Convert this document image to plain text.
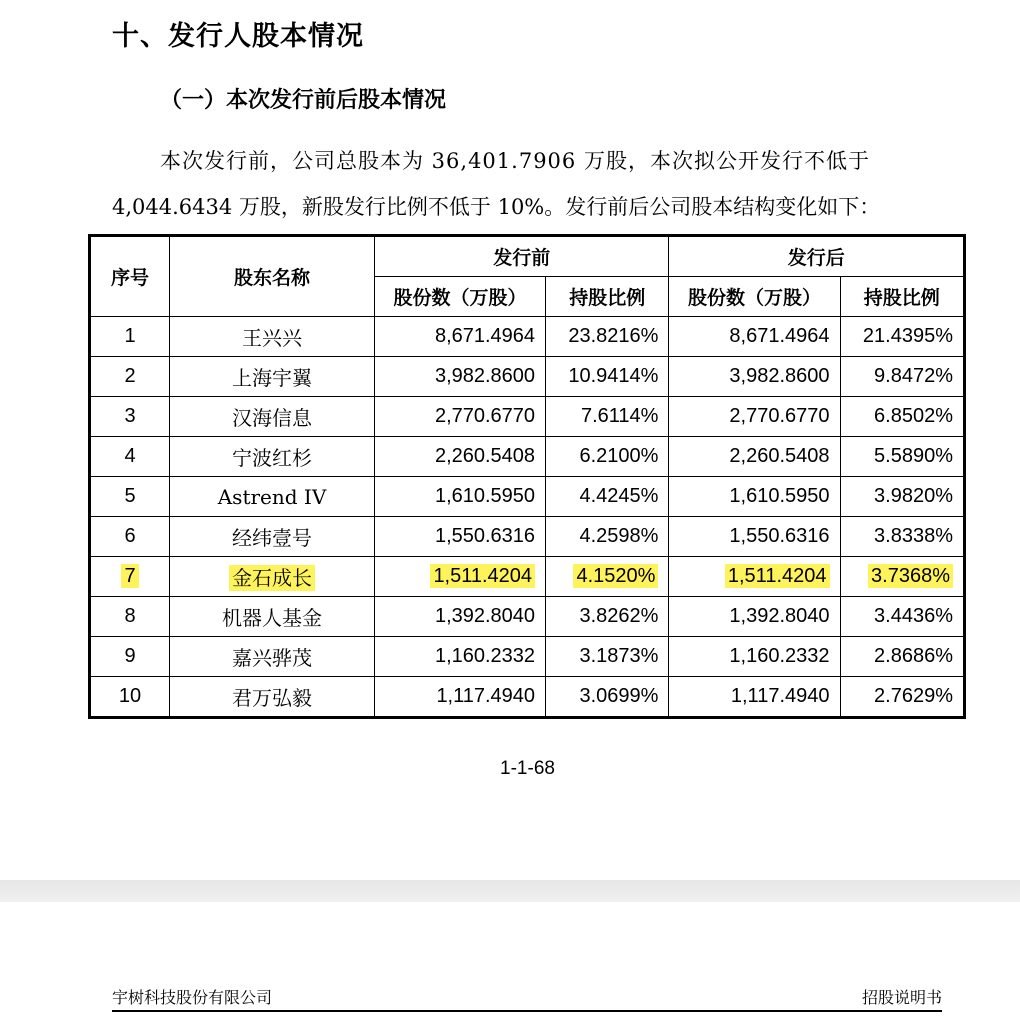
十、发行人股本情况
（一）本次发行前后股本情况
本次发行前，公司总股本为 36,401.7906 万股，本次拟公开发行不低于
4,044.6434 万股，新股发行比例不低于 10%。发行前后公司股本结构变化如下：
序号	股东名称	发行前		发行后	
		股份数（万股）	持股比例	股份数（万股）	持股比例
1	王兴兴	8,671.4964	23.8216%	8,671.4964	21.4395%
2	上海宇翼	3,982.8600	10.9414%	3,982.8600	9.8472%
3	汉海信息	2,770.6770	7.6114%	2,770.6770	6.8502%
4	宁波红杉	2,260.5408	6.2100%	2,260.5408	5.5890%
5	Astrend IV	1,610.5950	4.4245%	1,610.5950	3.9820%
6	经纬壹号	1,550.6316	4.2598%	1,550.6316	3.8338%
7	金石成长	1,511.4204	4.1520%	1,511.4204	3.7368%
8	机器人基金	1,392.8040	3.8262%	1,392.8040	3.4436%
9	嘉兴骅茂	1,160.2332	3.1873%	1,160.2332	2.8686%
10	君万弘毅	1,117.4940	3.0699%	1,117.4940	2.7629%
1-1-68
宇树科技股份有限公司	招股说明书
